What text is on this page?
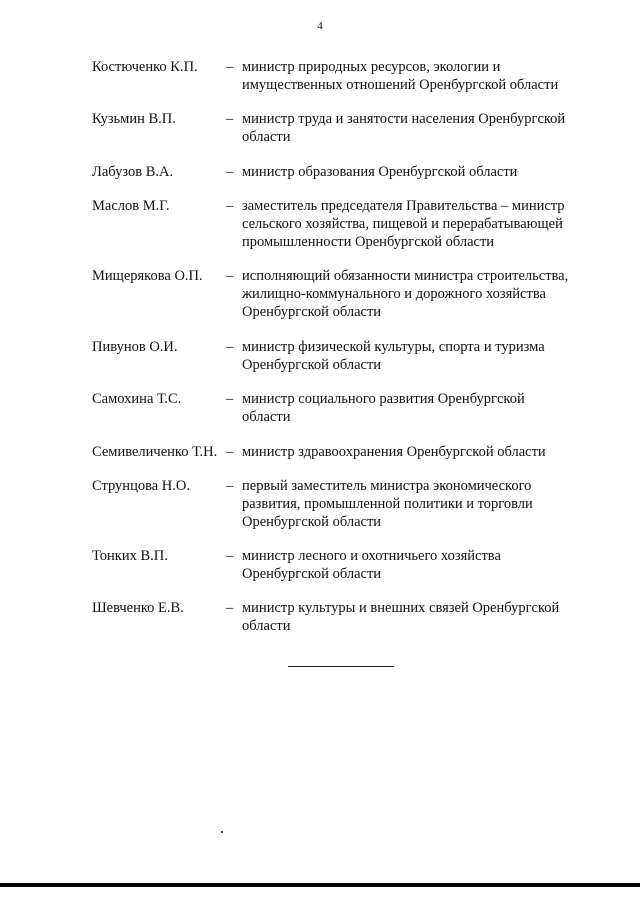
4
Костюченко К.П. – министр природных ресурсов, экологии и
имущественных отношений Оренбургской области
Кузьмин В.П.	– министр труда и занятости населения Оренбургской
области
Лабузов В.А.	– министр образования Оренбургской области
Маслов М.Г.	– заместитель председателя Правительства – министр
сельского хозяйства, пищевой и перерабатывающей
промышленности Оренбургской области
Мищерякова О.П. – исполняющий обязанности министра строительства,
жилищно-коммунального и дорожного хозяйства
Оренбургской области
Пивунов О.И.	– министр физической культуры, спорта и туризма
Оренбургской области
Самохина Т.С.	– министр социального развития Оренбургской
области
Семивеличенко Т.Н. – министр здравоохранения Оренбургской области
Струнцова Н.О. – первый заместитель министра экономического
развития, промышленной политики и торговли
Оренбургской области
Тонких В.П.	– министр лесного и охотничьего хозяйства
Оренбургской области
Шевченко Е.В.	– министр культуры и внешних связей Оренбургской
области
